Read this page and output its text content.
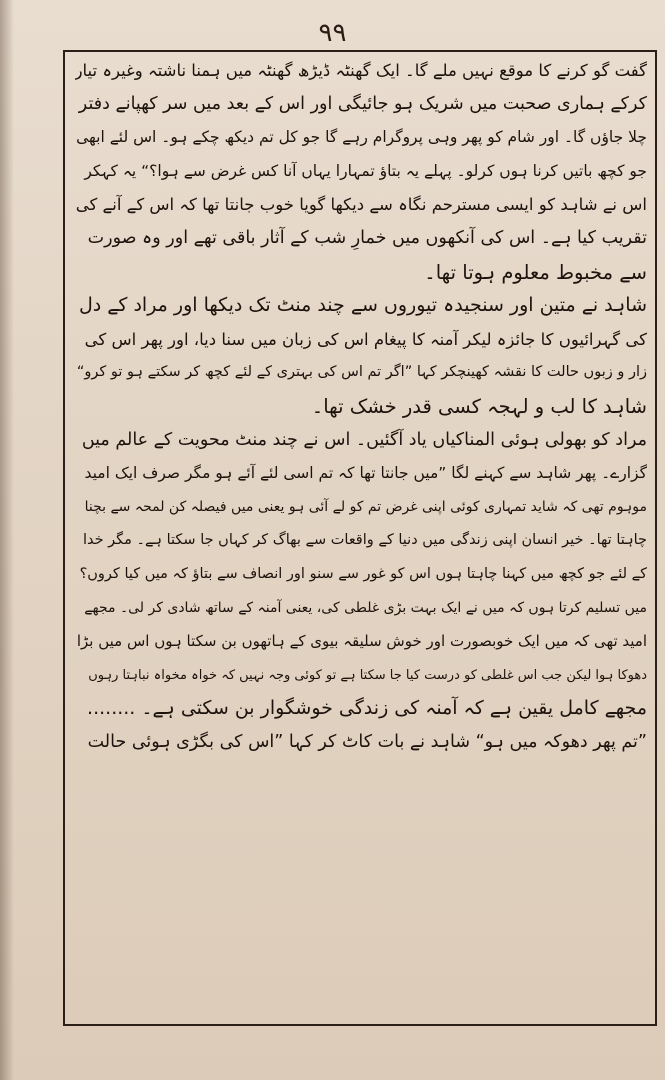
۹۹
گفت گو کرنے کا موقع نہیں ملے گا۔ ایک گھنٹہ ڈیڑھ گھنٹہ میں ہمنا ناشتہ وغیرہ تیار
کرکے ہماری صحبت میں شریک ہو جائیگی اور اس کے بعد میں سر کھپانے دفتر
چلا جاؤں گا۔ اور شام کو پھر وہی پروگرام رہے گا جو کل تم دیکھ چکے ہو۔ اس لئے ابھی
جو کچھ باتیں کرنا ہوں کرلو۔ پہلے یہ بتاؤ تمہارا یہاں آنا کس غرض سے ہوا؟“ یہ کہکر
اس نے شاہد کو ایسی مسترحم نگاہ سے دیکھا گویا خوب جانتا تھا کہ اس کے آنے کی
تقریب کیا ہے۔ اس کی آنکھوں میں خمارِ شب کے آثار باقی تھے اور وہ صورت
سے مخبوط معلوم ہوتا تھا۔
شاہد نے متین اور سنجیدہ تیوروں سے چند منٹ تک دیکھا اور مراد کے دل
کی گہرائیوں کا جائزہ لیکر آمنہ کا پیغام اس کی زبان میں سنا دیا، اور پھر اس کی
زار و زبوں حالت کا نقشہ کھینچکر کہا ”اگر تم اس کی بہتری کے لئے کچھ کر سکتے ہو تو کرو“
شاہد کا لب و لہجہ کسی قدر خشک تھا۔
مراد کو بھولی ہوئی المناکیاں یاد آگئیں۔ اس نے چند منٹ محویت کے عالم میں
گزارے۔ پھر شاہد سے کہنے لگا ”میں جانتا تھا کہ تم اسی لئے آئے ہو مگر صرف ایک امید
موہوم تھی کہ شاید تمہاری کوئی اپنی غرض تم کو لے آئی ہو یعنی میں فیصلہ کن لمحہ سے بچنا
چاہتا تھا۔ خیر انسان اپنی زندگی میں دنیا کے واقعات سے بھاگ کر کہاں جا سکتا ہے۔ مگر خدا
کے لئے جو کچھ میں کہنا چاہتا ہوں اس کو غور سے سنو اور انصاف سے بتاؤ کہ میں کیا کروں؟
میں تسلیم کرتا ہوں کہ میں نے ایک بہت بڑی غلطی کی، یعنی آمنہ کے ساتھ شادی کر لی۔ مجھے
امید تھی کہ میں ایک خوبصورت اور خوش سلیقہ بیوی کے ہاتھوں بن سکتا ہوں اس میں بڑا
دھوکا ہوا لیکن جب اس غلطی کو درست کیا جا سکتا ہے تو کوئی وجہ نہیں کہ خواہ مخواہ نباہتا رہوں
مجھے کامل یقین ہے کہ آمنہ کی زندگی خوشگوار بن سکتی ہے۔ ........
”تم پھر دھوکہ میں ہو“ شاہد نے بات کاٹ کر کہا ”اس کی بگڑی ہوئی حالت
